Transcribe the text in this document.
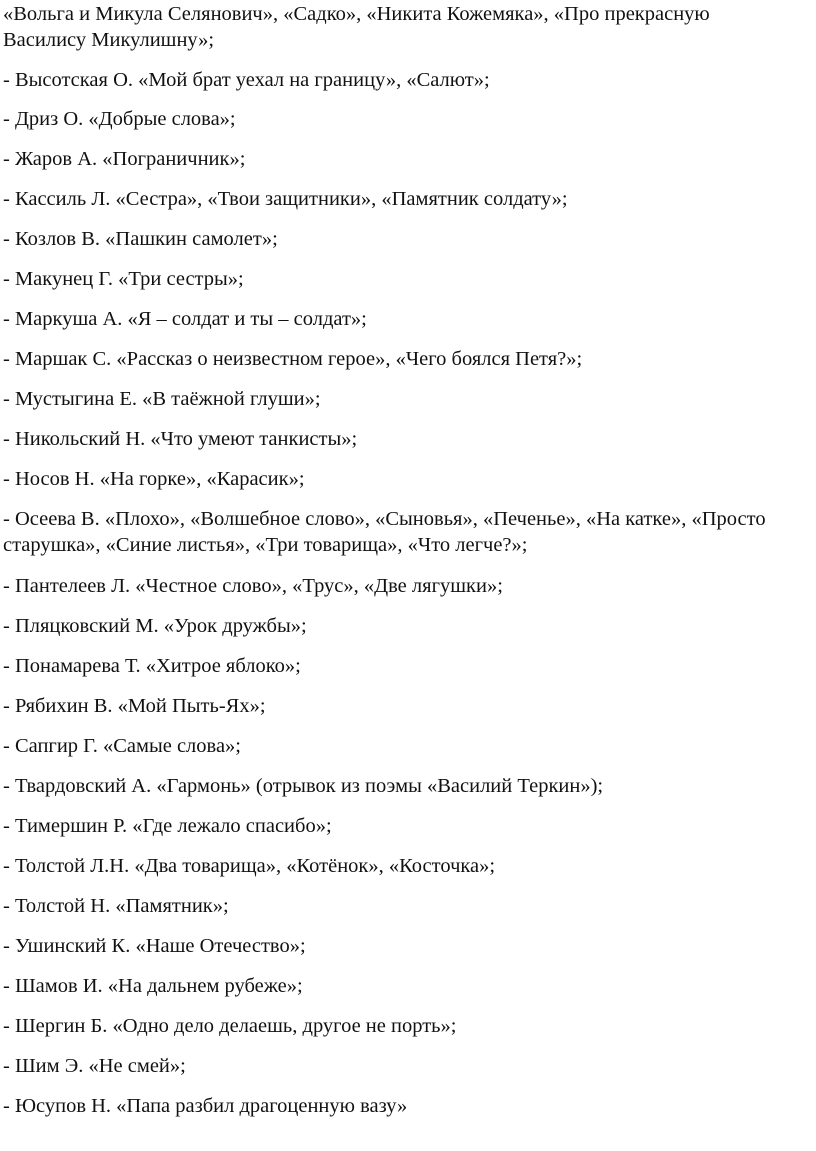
«Вольга и Микула Селянович», «Садко», «Никита Кожемяка», «Про прекрасную
Василису Микулишну»;
- Высотская О. «Мой брат уехал на границу», «Салют»;
- Дриз О. «Добрые слова»;
- Жаров А. «Пограничник»;
- Кассиль Л. «Сестра», «Твои защитники», «Памятник солдату»;
- Козлов В. «Пашкин самолет»;
- Макунец Г. «Три сестры»;
- Маркуша А. «Я – солдат и ты – солдат»;
- Маршак С. «Рассказ о неизвестном герое», «Чего боялся Петя?»;
- Мустыгина Е. «В таёжной глуши»;
- Никольский Н. «Что умеют танкисты»;
- Носов Н. «На горке», «Карасик»;
- Осеева В. «Плохо», «Волшебное слово», «Сыновья», «Печенье», «На катке», «Просто
старушка», «Синие листья», «Три товарища», «Что легче?»;
- Пантелеев Л. «Честное слово», «Трус», «Две лягушки»;
- Пляцковский М. «Урок дружбы»;
- Понамарева Т. «Хитрое яблоко»;
- Рябихин В. «Мой Пыть-Ях»;
- Сапгир Г. «Самые слова»;
- Твардовский А. «Гармонь» (отрывок из поэмы «Василий Теркин»);
- Тимершин Р. «Где лежало спасибо»;
- Толстой Л.Н. «Два товарища», «Котёнок», «Косточка»;
- Толстой Н. «Памятник»;
- Ушинский К. «Наше Отечество»;
- Шамов И. «На дальнем рубеже»;
- Шергин Б. «Одно дело делаешь, другое не порть»;
- Шим Э. «Не смей»;
- Юсупов Н. «Папа разбил драгоценную вазу»
